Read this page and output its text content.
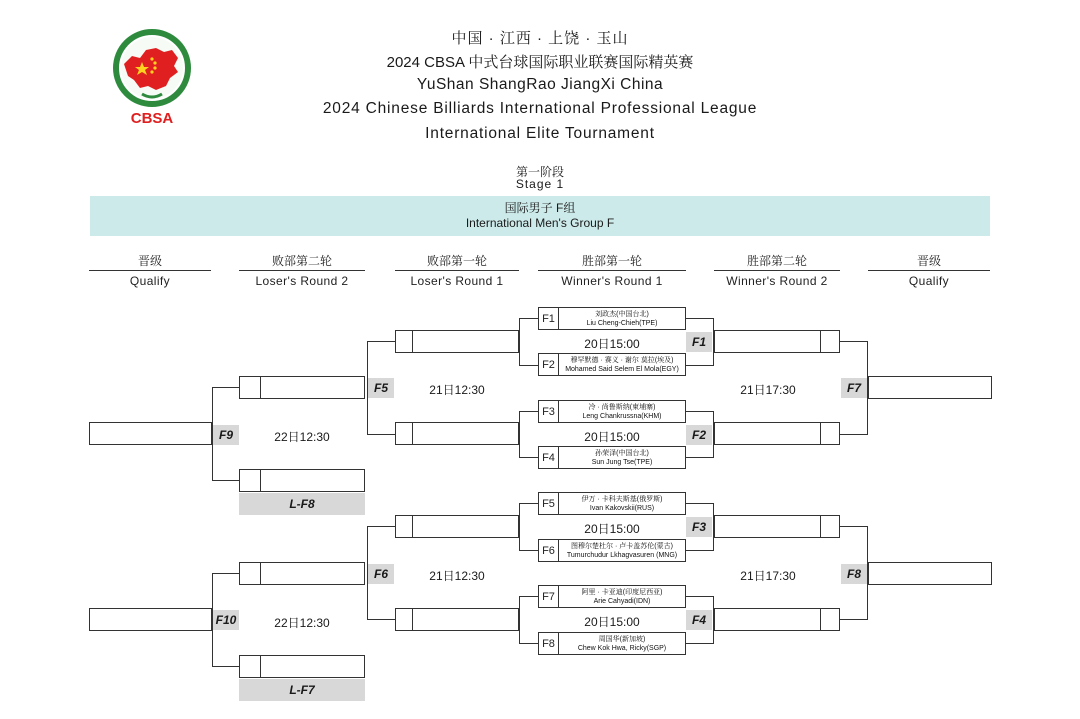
CBSA
中国 · 江西 · 上饶 · 玉山
2024 CBSA 中式台球国际职业联赛国际精英赛
YuShan ShangRao JiangXi China
2024 Chinese Billiards International Professional League
International Elite Tournament
第一阶段
Stage 1
国际男子 F组
International Men's Group F
晋级
Qualify
败部第二轮
Loser's Round 2
败部第一轮
Loser's Round 1
胜部第一轮
Winner's Round 1
胜部第二轮
Winner's Round 2
晋级
Qualify
F1	刘政杰(中国台北)
Liu Cheng-Chieh(TPE)
20日15:00
F2	穆罕默德 · 赛义 · 谢尔 莫拉(埃及)
Mohamed Said Selem El Mola(EGY)
F3	冷 · 尚鲁斯纳(柬埔寨)
Leng Chankrussna(KHM)
20日15:00
F4	孙荣泽(中国台北)
Sun Jung Tse(TPE)
F5	伊万 · 卡科夫斯基(俄罗斯)
Ivan Kakovskii(RUS)
20日15:00
F6	图穆尔楚杜尔 · 卢卡盖苏伦(蒙古)
Tumurchudur Lkhagvasuren (MNG)
F7	阿里 · 卡亚迪(印度尼西亚)
Arie Cahyadi(IDN)
20日15:00
F8	周国华(新加坡)
Chew Kok Hwa, Ricky(SGP)
F1
F2
F3
F4
F5
F6
F7
F8
F9
F10
L-F8
L-F7
21日12:30
21日12:30
21日17:30
21日17:30
22日12:30
22日12:30
